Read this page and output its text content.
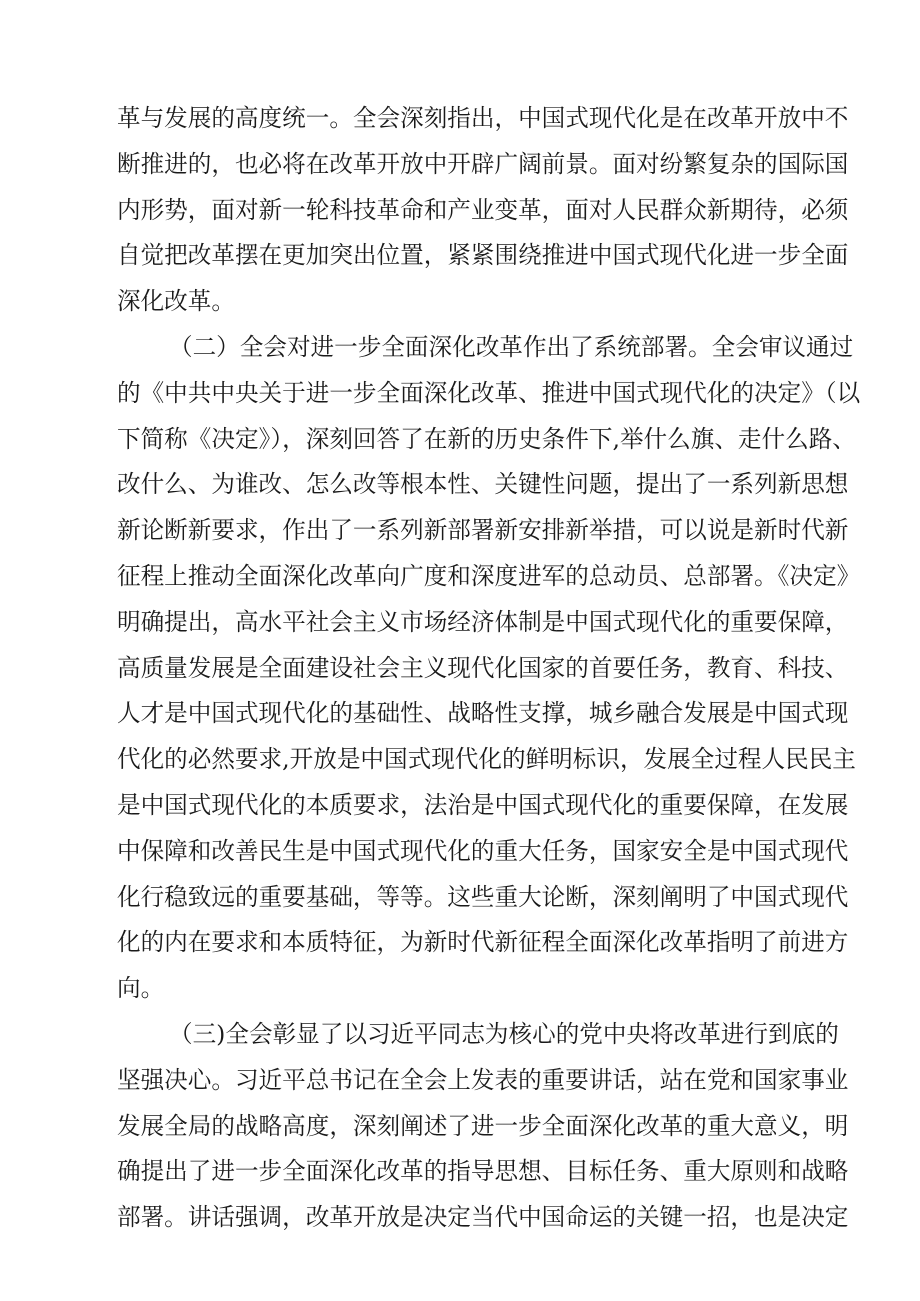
革与发展的高度统一。全会深刻指出，中国式现代化是在改革开放中不
断推进的，也必将在改革开放中开辟广阔前景。面对纷繁复杂的国际国
内形势，面对新一轮科技革命和产业变革，面对人民群众新期待，必须
自觉把改革摆在更加突出位置，紧紧围绕推进中国式现代化进一步全面
深化改革。
（二）全会对进一步全面深化改革作出了系统部署。全会审议通过
的《中共中央关于进一步全面深化改革、推进中国式现代化的决定》（以
下简称《决定》），深刻回答了在新的历史条件下,举什么旗、走什么路、
改什么、为谁改、怎么改等根本性、关键性问题，提出了一系列新思想
新论断新要求，作出了一系列新部署新安排新举措，可以说是新时代新
征程上推动全面深化改革向广度和深度进军的总动员、总部署。《决定》
明确提出，高水平社会主义市场经济体制是中国式现代化的重要保障，
高质量发展是全面建设社会主义现代化国家的首要任务，教育、科技、
人才是中国式现代化的基础性、战略性支撑，城乡融合发展是中国式现
代化的必然要求,开放是中国式现代化的鲜明标识，发展全过程人民民主
是中国式现代化的本质要求，法治是中国式现代化的重要保障，在发展
中保障和改善民生是中国式现代化的重大任务，国家安全是中国式现代
化行稳致远的重要基础，等等。这些重大论断，深刻阐明了中国式现代
化的内在要求和本质特征，为新时代新征程全面深化改革指明了前进方
向。
（三)全会彰显了以习近平同志为核心的党中央将改革进行到底的
坚强决心。习近平总书记在全会上发表的重要讲话，站在党和国家事业
发展全局的战略高度，深刻阐述了进一步全面深化改革的重大意义，明
确提出了进一步全面深化改革的指导思想、目标任务、重大原则和战略
部署。讲话强调，改革开放是决定当代中国命运的关键一招，也是决定
